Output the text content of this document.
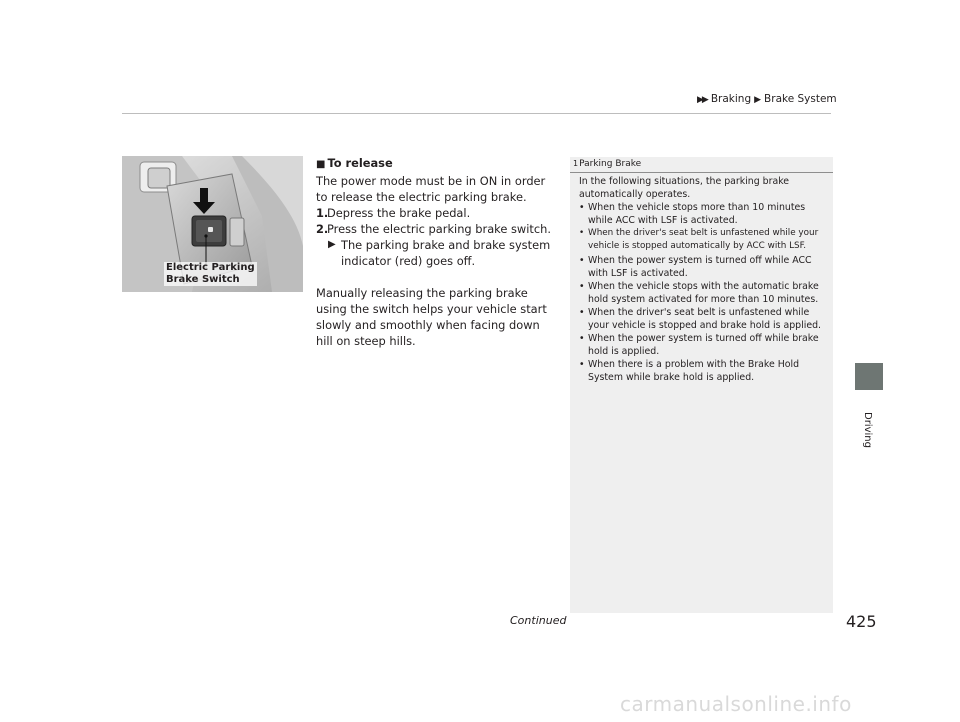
▶▶ Braking ▶ Brake System
Driving
Electric Parking
Brake Switch

■ To release

The power mode must be in ON in order to release the electric parking brake.

1.
Depress the brake pedal.
2.
Press the electric parking brake switch.
▶ The parking brake and brake system indicator (red) goes off.

Manually releasing the parking brake using the switch helps your vehicle start slowly and smoothly when facing down hill on steep hills.

1Parking Brake

In the following situations, the parking brake automatically operates.

• When the vehicle stops more than 10 minutes while ACC with LSF is activated.
• When the driver's seat belt is unfastened while your vehicle is stopped automatically by ACC with LSF.
• When the power system is turned off while ACC with LSF is activated.
• When the vehicle stops with the automatic brake hold system activated for more than 10 minutes.
• When the driver's seat belt is unfastened while your vehicle is stopped and brake hold is applied.
• When the power system is turned off while brake hold is applied.
• When there is a problem with the Brake Hold System while brake hold is applied.
Continued	425
carmanualsonline.info
